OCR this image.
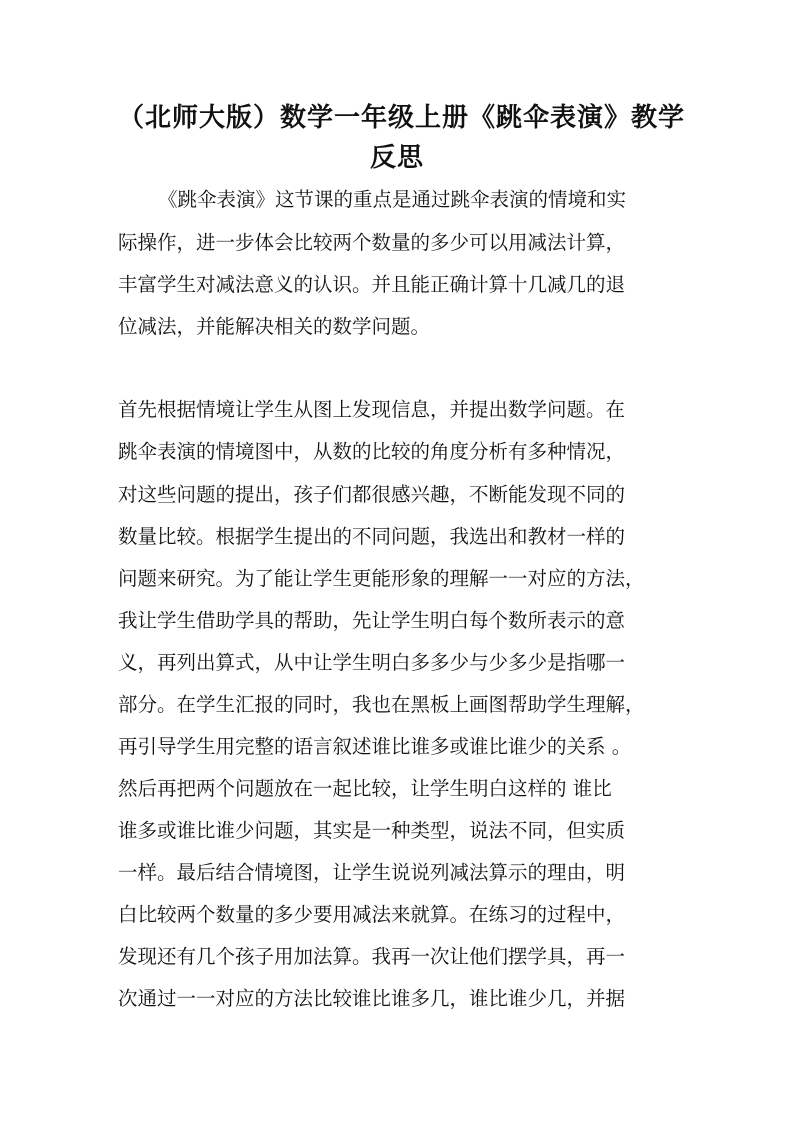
（北师大版）数学一年级上册《跳伞表演》教学
反思
《跳伞表演》这节课的重点是通过跳伞表演的情境和实
际操作，进一步体会比较两个数量的多少可以用减法计算，
丰富学生对减法意义的认识。并且能正确计算十几减几的退
位减法，并能解决相关的数学问题。
首先根据情境让学生从图上发现信息，并提出数学问题。在
跳伞表演的情境图中，从数的比较的角度分析有多种情况，
对这些问题的提出，孩子们都很感兴趣，不断能发现不同的
数量比较。根据学生提出的不同问题，我选出和教材一样的
问题来研究。为了能让学生更能形象的理解一一对应的方法，
我让学生借助学具的帮助，先让学生明白每个数所表示的意
义，再列出算式，从中让学生明白多多少与少多少是指哪一
部分。在学生汇报的同时，我也在黑板上画图帮助学生理解，
再引导学生用完整的语言叙述谁比谁多或谁比谁少的关系 。
然后再把两个问题放在一起比较，让学生明白这样的 谁比
谁多或谁比谁少问题，其实是一种类型，说法不同，但实质
一样。最后结合情境图，让学生说说列减法算示的理由，明
白比较两个数量的多少要用减法来就算。在练习的过程中，
发现还有几个孩子用加法算。我再一次让他们摆学具，再一
次通过一一对应的方法比较谁比谁多几，谁比谁少几，并据
